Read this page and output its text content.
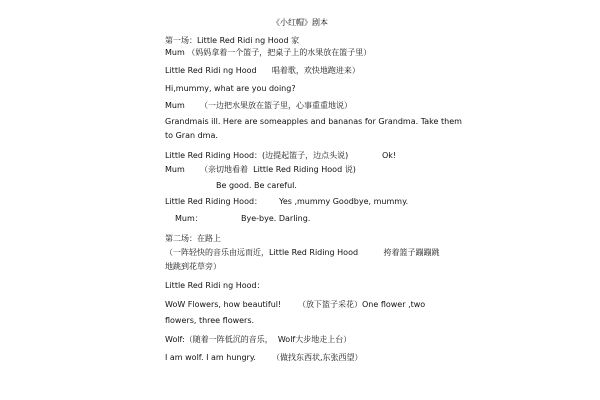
《小红帽》剧本
第一场：Little Red Ridi ng Hood 家
Mum （妈妈拿着一个篮子，把桌子上的水果放在篮子里）
Little Red Ridi ng Hood      唱着歌，欢快地跑进来）
Hi,mummy, what are you doing?
Mum      （一边把水果放在篮子里，心事重重地说）
Grandmais ill. Here are someapples and bananas for Grandma. Take them
to Gran dma.
Little Red Riding Hood：(边提起篮子，边点头说)	Ok!
Mum      （亲切地看着  Little Red Riding Hood 说)
Be good. Be careful.
Little Red Riding Hood： Yes ,mummy Goodbye, mummy.
Mum：	Bye-bye. Darling.
第二场：在路上
（一阵轻快的音乐由远而近，Little Red Riding Hood          挎着篮子蹦蹦跳
地跳到花草旁）
Little Red Ridi ng Hood：
WoW Flowers, how beautiful! （放下篮子采花） One flower ,two
flowers, three flowers.
Wolf:（随着一阵低沉的音乐，  Wolf大步地走上台）
I am wolf. I am hungry. （做找东西状,东张西望）
